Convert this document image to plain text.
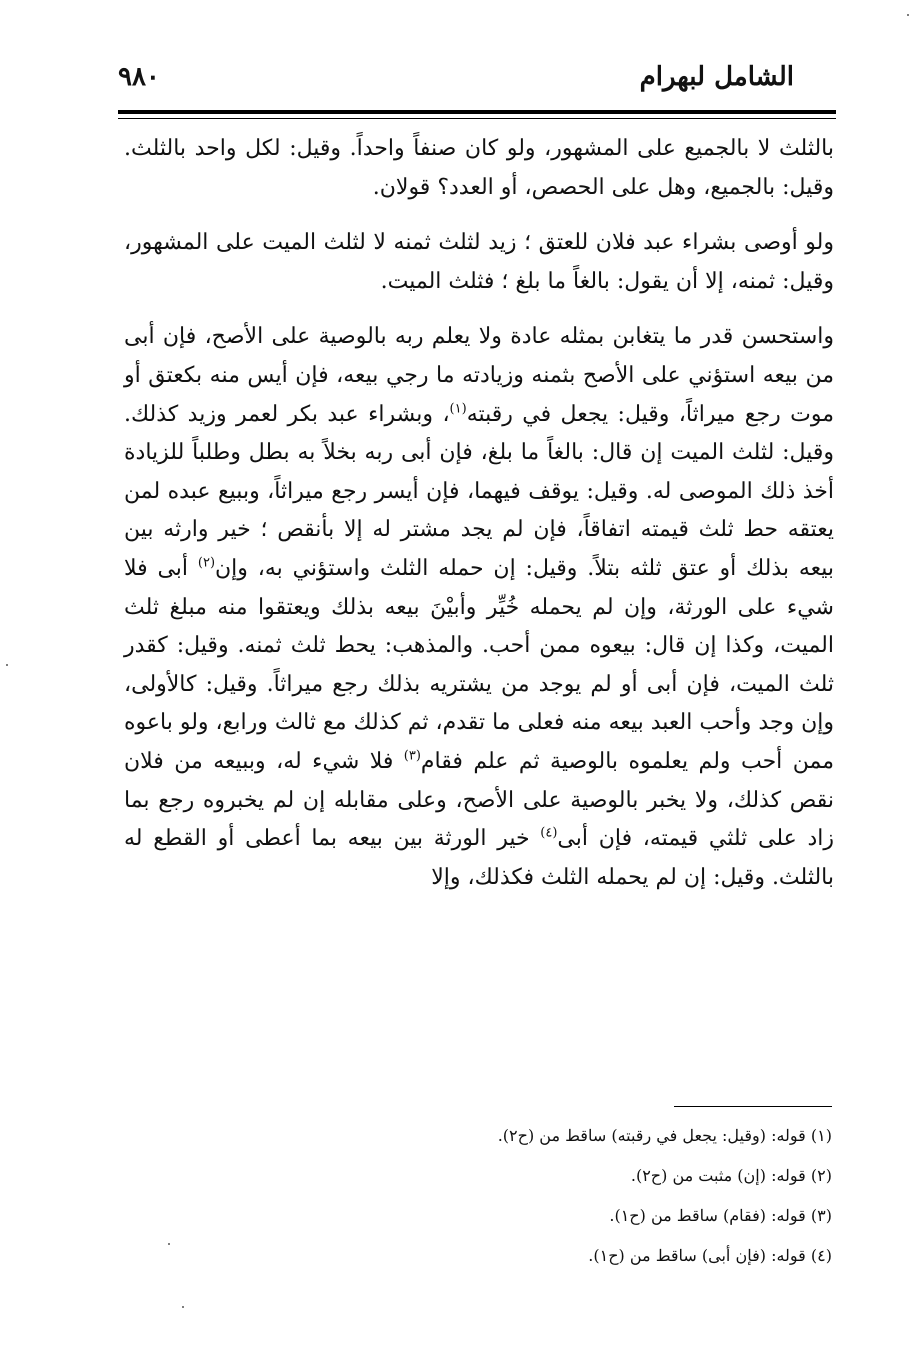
٩٨٠	الشامل لبهرام

بالثلث لا بالجميع على المشهور، ولو كان صنفاً واحداً. وقيل: لكل واحد بالثلث. وقيل: بالجميع، وهل على الحصص، أو العدد؟ قولان.

ولو أوصى بشراء عبد فلان للعتق ؛ زيد لثلث ثمنه لا لثلث الميت على المشهور، وقيل: ثمنه، إلا أن يقول: بالغاً ما بلغ ؛ فثلث الميت.

واستحسن قدر ما يتغابن بمثله عادة ولا يعلم ربه بالوصية على الأصح، فإن أبى من بيعه استؤني على الأصح بثمنه وزيادته ما رجي بيعه، فإن أيس منه بكعتق أو موت رجع ميراثاً، وقيل: يجعل في رقبته$^{(١)}$، وبشراء عبد بكر لعمر وزيد كذلك. وقيل: لثلث الميت إن قال: بالغاً ما بلغ، فإن أبى ربه بخلاً به بطل وطلباً للزيادة أخذ ذلك الموصى له. وقيل: يوقف فيهما، فإن أيسر رجع ميراثاً، وببيع عبده لمن يعتقه حط ثلث قيمته اتفاقاً، فإن لم يجد مشتر له إلا بأنقص ؛ خير وارثه بين بيعه بذلك أو عتق ثلثه بتلاً. وقيل: إن حمله الثلث واستؤني به، وإن$^{(٢)}$ أبى فلا شيء على الورثة، وإن لم يحمله خُيِّر وأبيْنَ بيعه بذلك ويعتقوا منه مبلغ ثلث الميت، وكذا إن قال: بيعوه ممن أحب. والمذهب: يحط ثلث ثمنه. وقيل: كقدر ثلث الميت، فإن أبى أو لم يوجد من يشتريه بذلك رجع ميراثاً. وقيل: كالأولى، وإن وجد وأحب العبد بيعه منه فعلى ما تقدم، ثم كذلك مع ثالث ورابع، ولو باعوه ممن أحب ولم يعلموه بالوصية ثم علم فقام$^{(٣)}$ فلا شيء له، وببيعه من فلان نقص كذلك، ولا يخبر بالوصية على الأصح، وعلى مقابله إن لم يخبروه رجع بما زاد على ثلثي قيمته، فإن أبى$^{(٤)}$ خير الورثة بين بيعه بما أعطى أو القطع له بالثلث. وقيل: إن لم يحمله الثلث فكذلك، وإلا

(١) قوله: (وقيل: يجعل في رقبته) ساقط من (ح٢).
(٢) قوله: (إن) مثبت من (ح٢).
(٣) قوله: (فقام) ساقط من (ح١).
(٤) قوله: (فإن أبى) ساقط من (ح١).
